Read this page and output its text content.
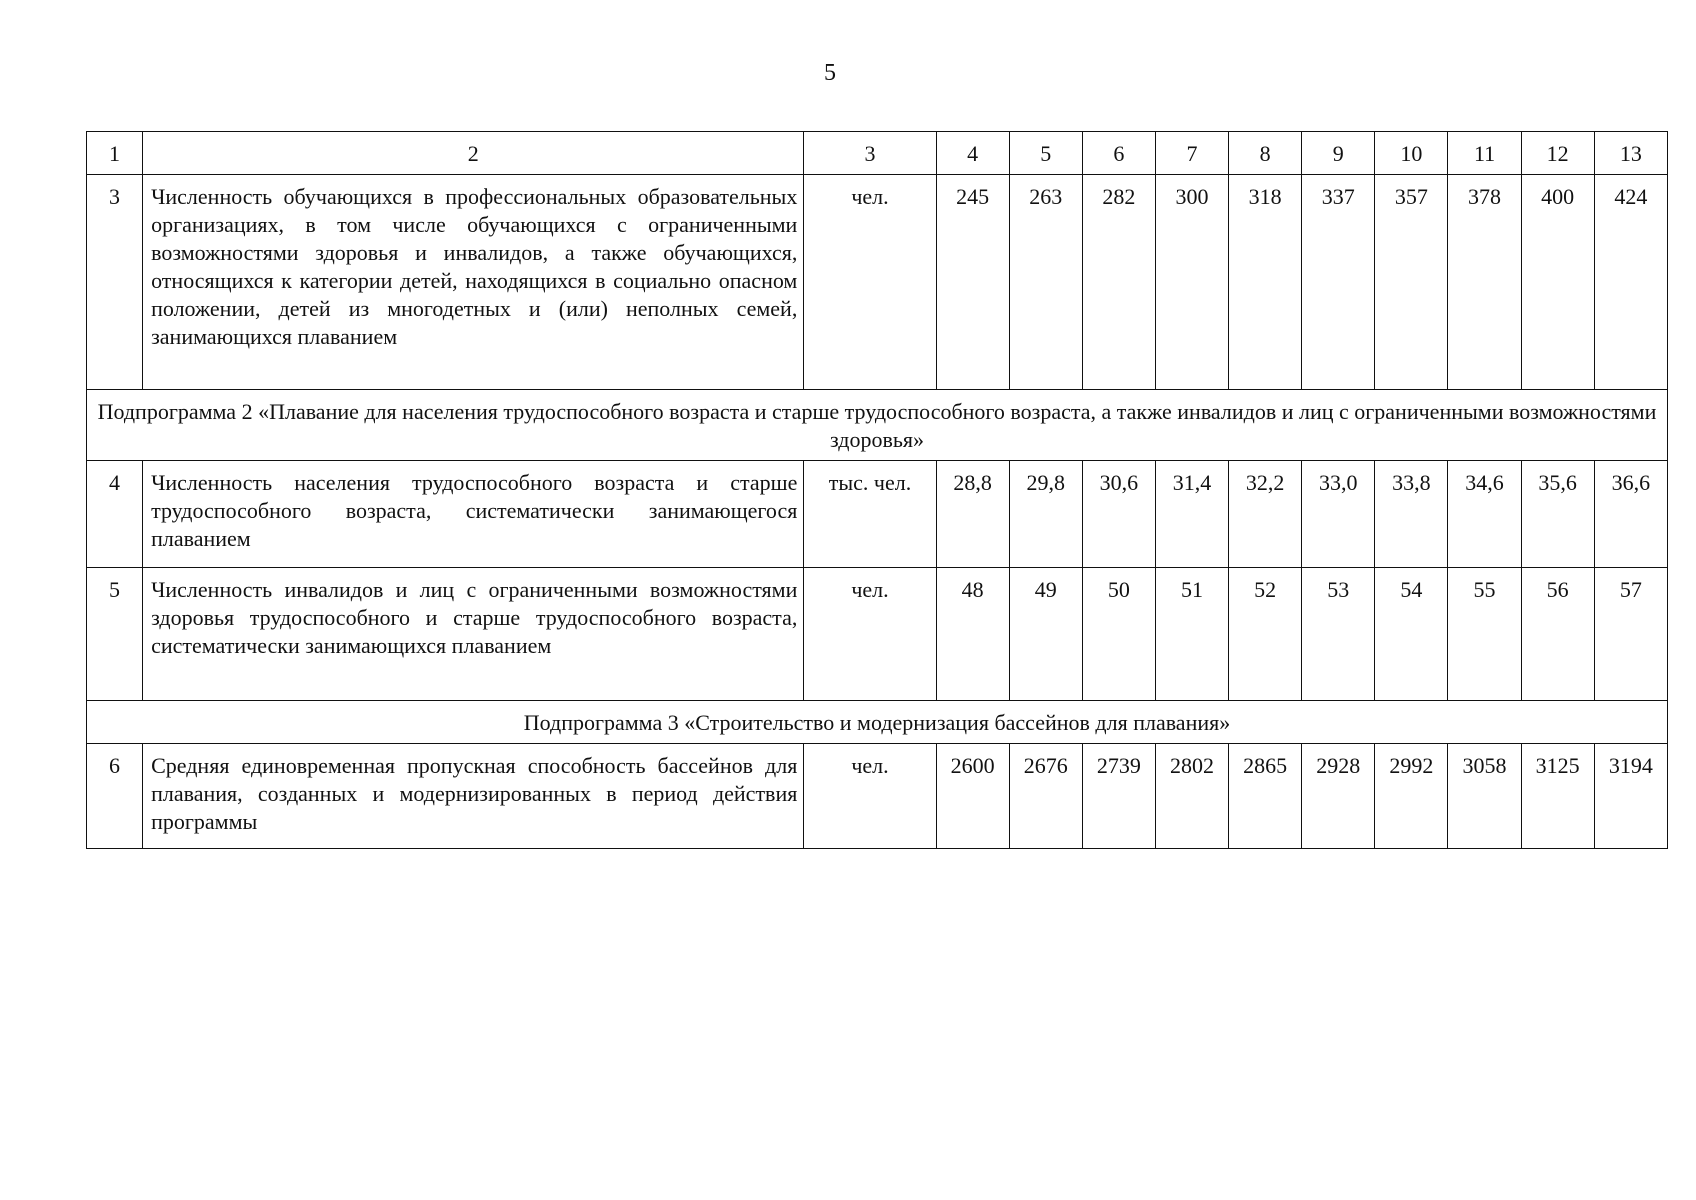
5
1	2	3	4	5	6	7	8	9	10	11	12	13
3	Численность обучающихся в профессиональных образовательных организациях, в том числе обучающихся с ограниченными возможностями здоровья и инвалидов, а также обучающихся, относящихся к категории детей, находящихся в социально опасном положении, детей из многодетных и (или) неполных семей, занимающихся плаванием	чел.	245	263	282	300	318	337	357	378	400	424
Подпрограмма 2 «Плавание для населения трудоспособного возраста и старше трудоспособного возраста, а также инвалидов и лиц с ограниченными возможностями здоровья»												
4	Численность населения трудоспособного возраста и старше трудоспособного возраста, систематически занимающегося плаванием	тыс. чел.	28,8	29,8	30,6	31,4	32,2	33,0	33,8	34,6	35,6	36,6
5	Численность инвалидов и лиц с ограниченными возможностями здоровья трудоспособного и старше трудоспособного возраста, систематически занимающихся плаванием	чел.	48	49	50	51	52	53	54	55	56	57
Подпрограмма 3 «Строительство и модернизация бассейнов для плавания»												
6	Средняя единовременная пропускная способность бассейнов для плавания, созданных и модернизированных в период действия программы	чел.	2600	2676	2739	2802	2865	2928	2992	3058	3125	3194
